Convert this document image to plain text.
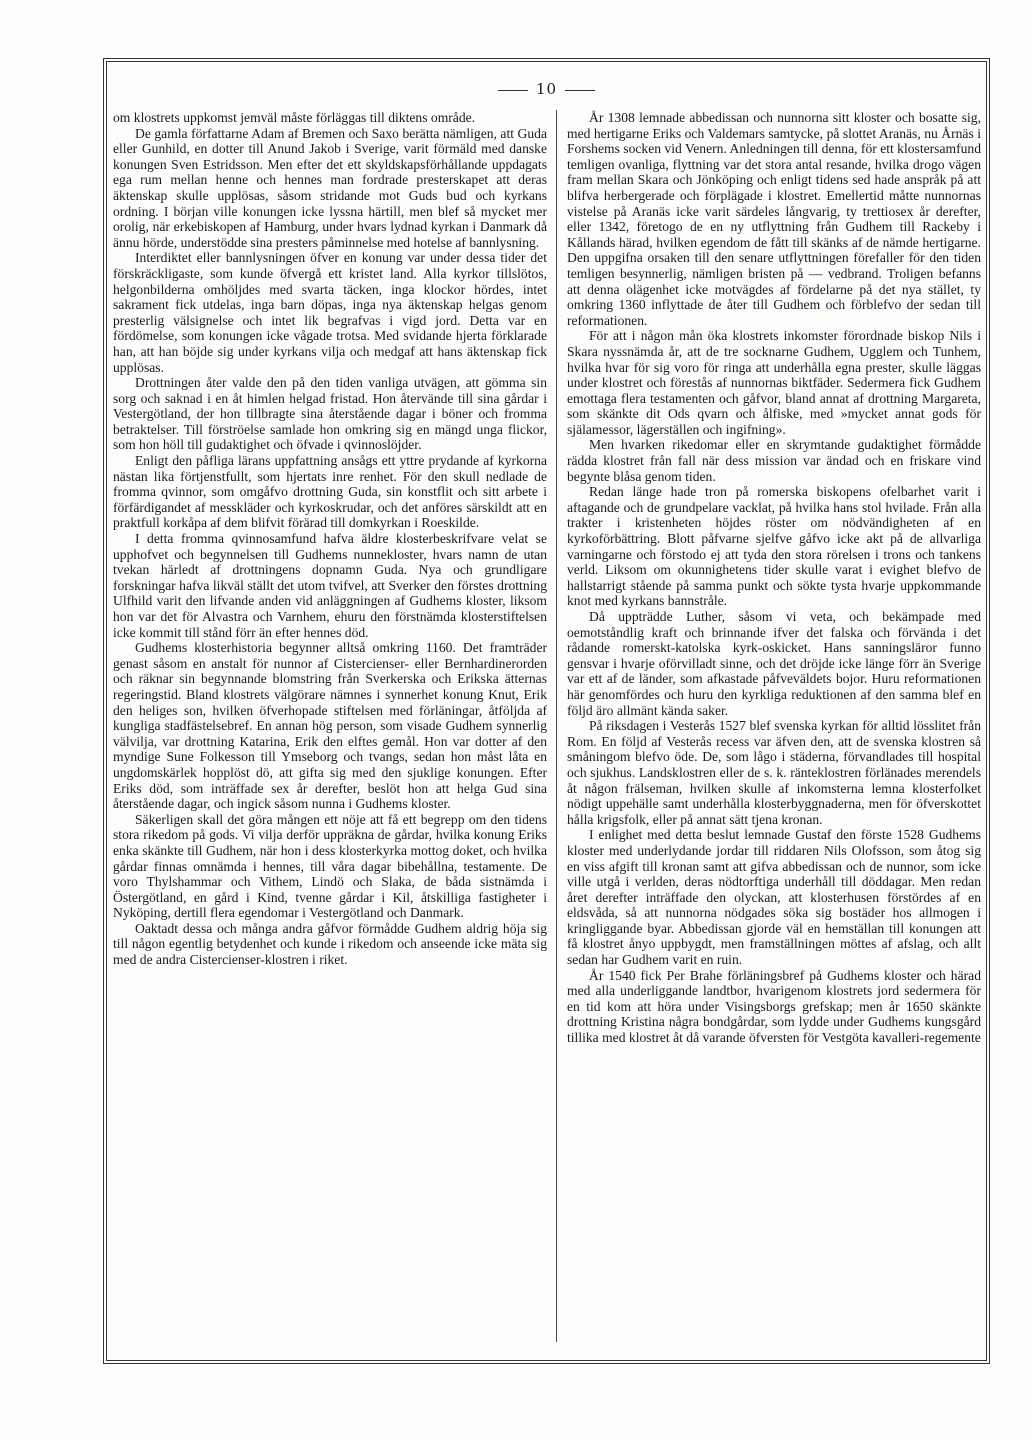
10

om klostrets uppkomst jemväl måste förläggas till diktens område.

De gamla författarne Adam af Bremen och Saxo berätta nämligen, att Guda eller Gunhild, en dotter till Anund Jakob i Sverige, varit förmäld med danske konungen Sven Estridsson. Men efter det ett skyldskapsförhållande uppdagats ega rum mellan henne och hennes man fordrade presterskapet att deras äktenskap skulle upplösas, såsom stridande mot Guds bud och kyrkans ordning. I början ville konungen icke lyssna härtill, men blef så mycket mer orolig, när erkebiskopen af Hamburg, under hvars lydnad kyrkan i Danmark då ännu hörde, understödde sina presters påminnelse med hotelse af bannlysning.

Interdiktet eller bannlysningen öfver en konung var under dessa tider det förskräckligaste, som kunde öfvergå ett kristet land. Alla kyrkor tillslötos, helgonbilderna omhöljdes med svarta täcken, inga klockor hördes, intet sakrament fick utdelas, inga barn döpas, inga nya äktenskap helgas genom presterlig välsignelse och intet lik begrafvas i vigd jord. Detta var en fördömelse, som konungen icke vågade trotsa. Med svidande hjerta förklarade han, att han böjde sig under kyrkans vilja och medgaf att hans äktenskap fick upplösas.

Drottningen åter valde den på den tiden vanliga utvägen, att gömma sin sorg och saknad i en åt himlen helgad fristad. Hon återvände till sina gårdar i Vestergötland, der hon tillbragte sina återstående dagar i böner och fromma betraktelser. Till förströelse samlade hon omkring sig en mängd unga flickor, som hon höll till gudaktighet och öfvade i qvinnoslöjder.

Enligt den påfliga lärans uppfattning ansågs ett yttre prydande af kyrkorna nästan lika förtjenstfullt, som hjertats inre renhet. För den skull nedlade de fromma qvinnor, som omgåfvo drottning Guda, sin konstflit och sitt arbete i förfärdigandet af messkläder och kyrkoskrudar, och det anföres särskildt att en praktfull korkåpa af dem blifvit förärad till domkyrkan i Roeskilde.

I detta fromma qvinnosamfund hafva äldre klosterbeskrifvare velat se upphofvet och begynnelsen till Gudhems nunnekloster, hvars namn de utan tvekan härledt af drottningens dopnamn Guda. Nya och grundligare forskningar hafva likväl ställt det utom tvifvel, att Sverker den förstes drottning Ulfhild varit den lifvande anden vid anläggningen af Gudhems kloster, liksom hon var det för Alvastra och Varnhem, ehuru den förstnämda klosterstiftelsen icke kommit till stånd förr än efter hennes död.

Gudhems klosterhistoria begynner alltså omkring 1160. Det framträder genast såsom en anstalt för nunnor af Cistercienser- eller Bernhardinerorden och räknar sin begynnande blomstring från Sverkerska och Erikska ätternas regeringstid. Bland klostrets välgörare nämnes i synnerhet konung Knut, Erik den heliges son, hvilken öfverhopade stiftelsen med förläningar, åtföljda af kungliga stadfästelsebref. En annan hög person, som visade Gudhem synnerlig välvilja, var drottning Katarina, Erik den elftes gemål. Hon var dotter af den myndige Sune Folkesson till Ymseborg och tvangs, sedan hon måst låta en ungdomskärlek hopplöst dö, att gifta sig med den sjuklige konungen. Efter Eriks död, som inträffade sex år derefter, beslöt hon att helga Gud sina återstående dagar, och ingick såsom nunna i Gudhems kloster.

Säkerligen skall det göra mången ett nöje att få ett begrepp om den tidens stora rikedom på gods. Vi vilja derför uppräkna de gårdar, hvilka konung Eriks enka skänkte till Gudhem, när hon i dess klosterkyrka mottog doket, och hvilka gårdar finnas omnämda i hennes, till våra dagar bibehållna, testamente. De voro Thylshammar och Vithem, Lindö och Slaka, de båda sistnämda i Östergötland, en gård i Kind, tvenne gårdar i Kil, åtskilliga fastigheter i Nyköping, dertill flera egendomar i Vestergötland och Danmark.

Oaktadt dessa och många andra gåfvor förmådde Gudhem aldrig höja sig till någon egentlig betydenhet och kunde i rikedom och anseende icke mäta sig med de andra Cistercienser-klostren i riket.

År 1308 lemnade abbedissan och nunnorna sitt kloster och bosatte sig, med hertigarne Eriks och Valdemars samtycke, på slottet Aranäs, nu Årnäs i Forshems socken vid Venern. Anledningen till denna, för ett klostersamfund temligen ovanliga, flyttning var det stora antal resande, hvilka drogo vägen fram mellan Skara och Jönköping och enligt tidens sed hade anspråk på att blifva herbergerade och förplägade i klostret. Emellertid måtte nunnornas vistelse på Aranäs icke varit särdeles långvarig, ty trettiosex år derefter, eller 1342, företogo de en ny utflyttning från Gudhem till Rackeby i Kållands härad, hvilken egendom de fått till skänks af de nämde hertigarne. Den uppgifna orsaken till den senare utflyttningen förefaller för den tiden temligen besynnerlig, nämligen bristen på — vedbrand. Troligen befanns att denna olägenhet icke motvägdes af fördelarne på det nya stället, ty omkring 1360 inflyttade de åter till Gudhem och förblefvo der sedan till reformationen.

För att i någon mån öka klostrets inkomster förordnade biskop Nils i Skara nyssnämda år, att de tre socknarne Gudhem, Ugglem och Tunhem, hvilka hvar för sig voro för ringa att underhålla egna prester, skulle läggas under klostret och förestås af nunnornas biktfäder. Sedermera fick Gudhem emottaga flera testamenten och gåfvor, bland annat af drottning Margareta, som skänkte dit Ods qvarn och ålfiske, med »mycket annat gods för själamessor, lägerställen och ingifning».

Men hvarken rikedomar eller en skrymtande gudaktighet förmådde rädda klostret från fall när dess mission var ändad och en friskare vind begynte blåsa genom tiden.

Redan länge hade tron på romerska biskopens ofelbarhet varit i aftagande och de grundpelare vacklat, på hvilka hans stol hvilade. Från alla trakter i kristenheten höjdes röster om nödvändigheten af en kyrkoförbättring. Blott påfvarne sjelfve gåfvo icke akt på de allvarliga varningarne och förstodo ej att tyda den stora rörelsen i trons och tankens verld. Liksom om okunnighetens tider skulle varat i evighet blefvo de hallstarrigt stående på samma punkt och sökte tysta hvarje uppkommande knot med kyrkans bannstråle.

Då uppträdde Luther, såsom vi veta, och bekämpade med oemotståndlig kraft och brinnande ifver det falska och förvända i det rådande romerskt-katolska kyrk-oskicket. Hans sanningsläror funno gensvar i hvarje oförvilladt sinne, och det dröjde icke länge förr än Sverige var ett af de länder, som afkastade påfveväldets bojor. Huru reformationen här genomfördes och huru den kyrkliga reduktionen af den samma blef en följd äro allmänt kända saker.

På riksdagen i Vesterås 1527 blef svenska kyrkan för alltid lösslitet från Rom. En följd af Vesterås recess var äfven den, att de svenska klostren så småningom blefvo öde. De, som lågo i städerna, förvandlades till hospital och sjukhus. Landsklostren eller de s. k. ränteklostren förlänades merendels åt någon frälseman, hvilken skulle af inkomsterna lemna klosterfolket nödigt uppehälle samt underhålla klosterbyggnaderna, men för öfverskottet hålla krigsfolk, eller på annat sätt tjena kronan.

I enlighet med detta beslut lemnade Gustaf den förste 1528 Gudhems kloster med underlydande jordar till riddaren Nils Olofsson, som åtog sig en viss afgift till kronan samt att gifva abbedissan och de nunnor, som icke ville utgå i verlden, deras nödtorftiga underhåll till döddagar. Men redan året derefter inträffade den olyckan, att klosterhusen förstördes af en eldsvåda, så att nunnorna nödgades söka sig bostäder hos allmogen i kringliggande byar. Abbedissan gjorde väl en hemställan till konungen att få klostret ånyo uppbygdt, men framställningen möttes af afslag, och allt sedan har Gudhem varit en ruin.

År 1540 fick Per Brahe förläningsbref på Gudhems kloster och härad med alla underliggande landtbor, hvarigenom klostrets jord sedermera för en tid kom att höra under Visingsborgs grefskap; men år 1650 skänkte drottning Kristina några bondgårdar, som lydde under Gudhems kungsgård tillika med klostret åt då varande öfversten för Vestgöta kavalleri-regemente
